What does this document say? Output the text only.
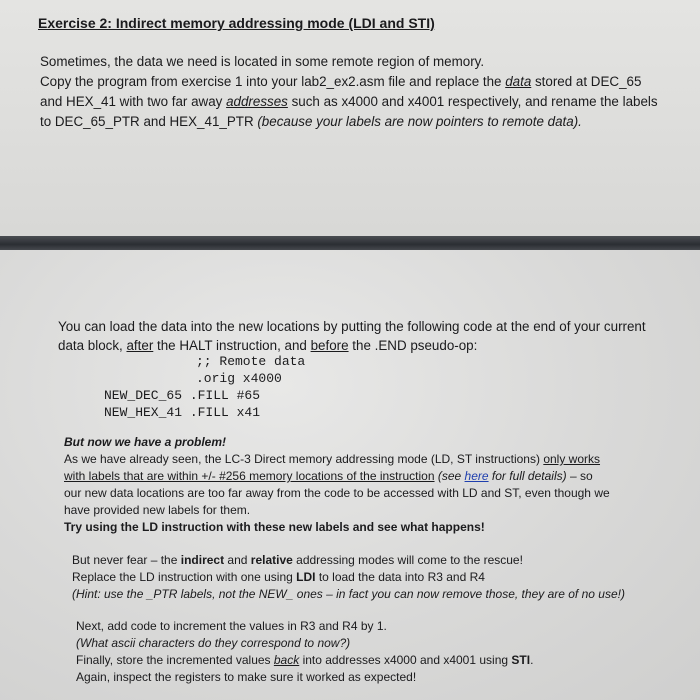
Exercise 2: Indirect memory addressing mode (LDI and STI)
Sometimes, the data we need is located in some remote region of memory.
Copy the program from exercise 1 into your lab2_ex2.asm file and replace the data stored at DEC_65
and HEX_41 with two far away addresses such as x4000 and x4001 respectively, and rename the labels
to DEC_65_PTR and HEX_41_PTR (because your labels are now pointers to remote data).
You can load the data into the new locations by putting the following code at the end of your current
data block, after the HALT instruction, and before the .END pseudo-op:
;; Remote data
.orig x4000
NEW_DEC_65 .FILL #65
NEW_HEX_41 .FILL x41
But now we have a problem!
As we have already seen, the LC-3 Direct memory addressing mode (LD, ST instructions) only works
with labels that are within +/- #256 memory locations of the instruction (see here for full details) – so
our new data locations are too far away from the code to be accessed with LD and ST, even though we
have provided new labels for them.
Try using the LD instruction with these new labels and see what happens!
But never fear – the indirect and relative addressing modes will come to the rescue!
Replace the LD instruction with one using LDI to load the data into R3 and R4
(Hint: use the _PTR labels, not the NEW_ ones – in fact you can now remove those, they are of no use!)
Next, add code to increment the values in R3 and R4 by 1.
(What ascii characters do they correspond to now?)
Finally, store the incremented values back into addresses x4000 and x4001 using STI.
Again, inspect the registers to make sure it worked as expected!
